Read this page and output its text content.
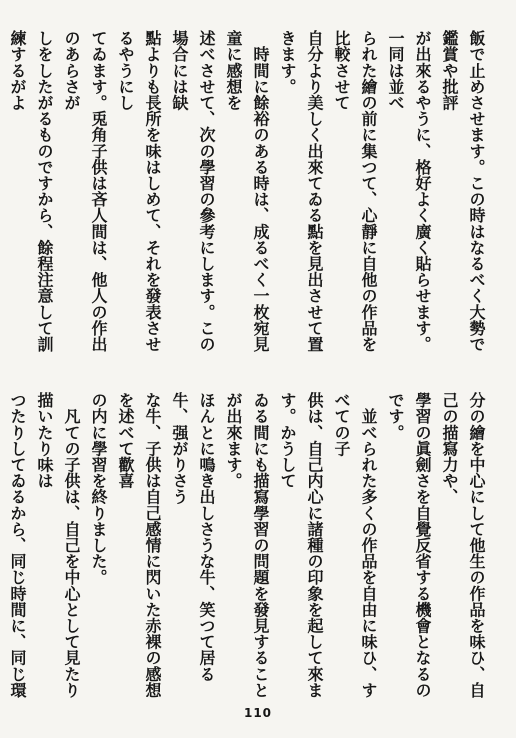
飯で止めさせます。この時はなるべく大勢で鑑賞や批評

が出來るやうに、格好よく廣く貼らせます。一同は並べ

られた繪の前に集つて、心靜に自他の作品を比較させて

自分より美しく出來てゐる點を見出させて置きます。

　時間に餘裕のある時は、成るべく一枚宛見童に感想を

述べさせて、次の學習の參考にします。この場合には缺

點よりも長所を味はしめて、それを發表させるやうにし

てゐます。兎角子供は吝人間は、他人の作出のあらさが

しをしたがるものですから、餘程注意して訓練するがよ

分の繪を中心にして他生の作品を味ひ、自己の描寫力や、

學習の眞劍さを自覺反省する機會となるのです。

　並べられた多くの作品を自由に味ひ、すべての子

供は、自己内心に諸種の印象を起して來ます。かうして

ゐる間にも描寫學習の問題を發見することが出來ます。

ほんとに鳴き出しさうな牛、笑つて居る牛、强がりさう

な牛、子供は自己感情に閃いた赤裸の感想を述べて歡喜

の内に學習を終りました。

　凡ての子供は、自己を中心として見たり描いたり味は

つたりしてゐるから、同じ時間に、同じ環

110
